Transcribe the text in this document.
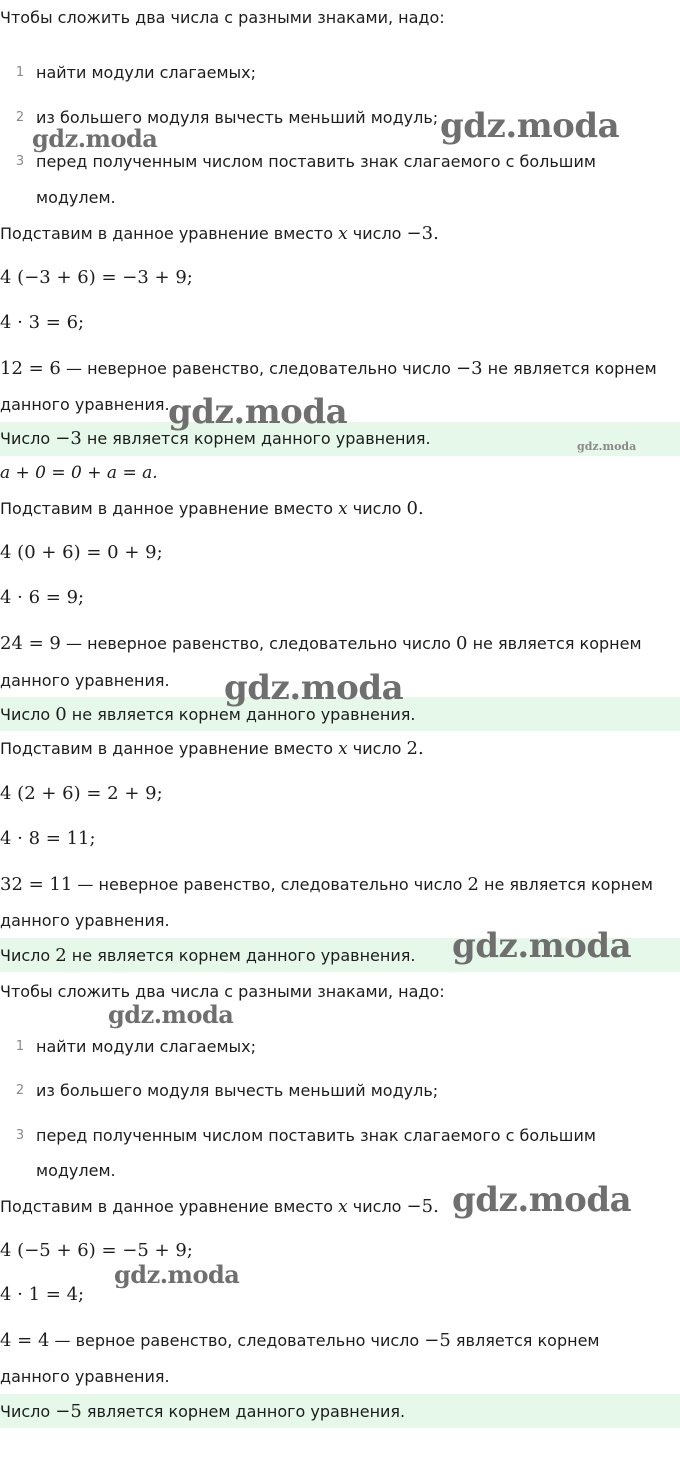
Чтобы сложить два числа с разными знаками, надо:
1 найти модули слагаемых;
2 из большего модуля вычесть меньший модуль;
3 перед полученным числом поставить знак слагаемого с большим
модулем.
Подставим в данное уравнение вместо x число −3.
4 (−3 + 6) = −3 + 9;
4 · 3 = 6;
12 = 6 — неверное равенство, следовательно число −3 не является корнем
данного уравнения.
Число −3 не является корнем данного уравнения.
a + 0 = 0 + a = a.
Подставим в данное уравнение вместо x число 0.
4 (0 + 6) = 0 + 9;
4 · 6 = 9;
24 = 9 — неверное равенство, следовательно число 0 не является корнем
данного уравнения.
Число 0 не является корнем данного уравнения.
Подставим в данное уравнение вместо x число 2.
4 (2 + 6) = 2 + 9;
4 · 8 = 11;
32 = 11 — неверное равенство, следовательно число 2 не является корнем
данного уравнения.
Число 2 не является корнем данного уравнения.
Чтобы сложить два числа с разными знаками, надо:
1 найти модули слагаемых;
2 из большего модуля вычесть меньший модуль;
3 перед полученным числом поставить знак слагаемого с большим
модулем.
Подставим в данное уравнение вместо x число −5.
4 (−5 + 6) = −5 + 9;
4 · 1 = 4;
4 = 4 — верное равенство, следовательно число −5 является корнем
данного уравнения.
Число −5 является корнем данного уравнения.
gdz.moda
gdz.moda
gdz.moda
gdz.moda
gdz.moda
gdz.moda
gdz.moda
gdz.moda
gdz.moda
